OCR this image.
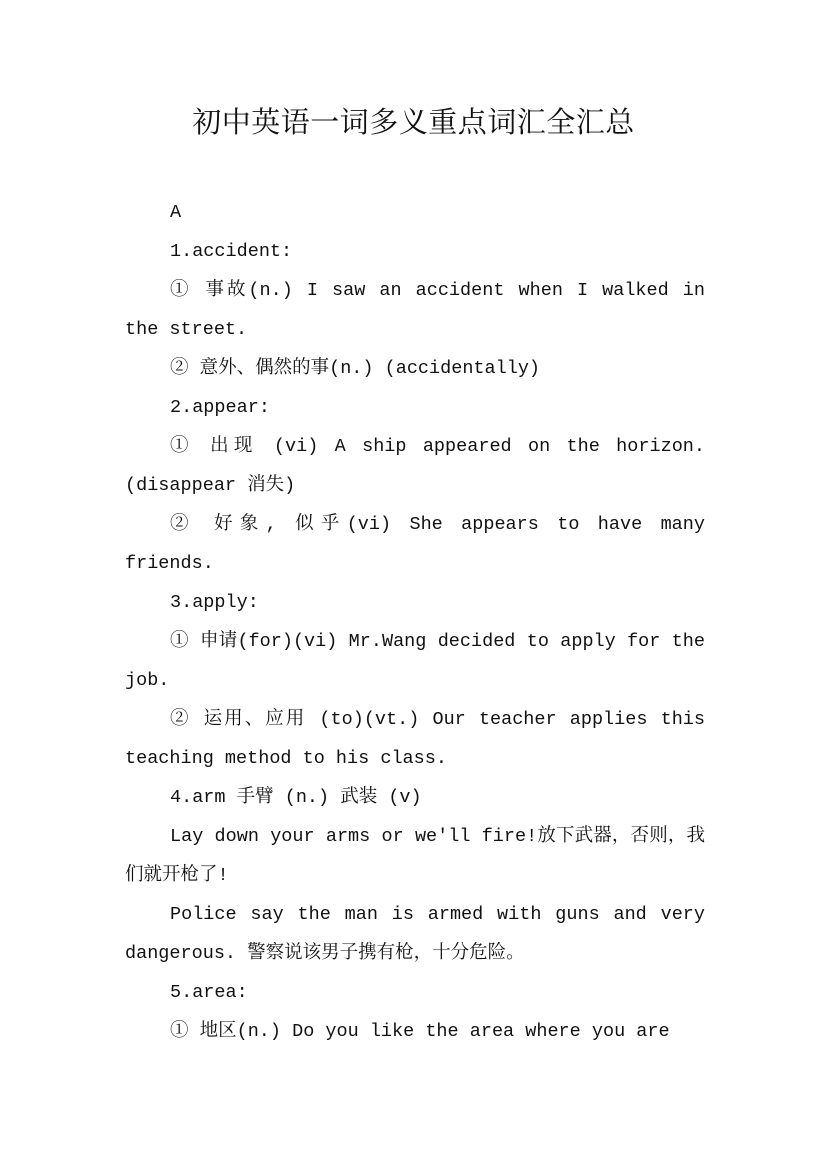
初中英语一词多义重点词汇全汇总

A

1.accident:

① 事故(n.) I saw an accident when I walked in the street.

② 意外、偶然的事(n.) (accidentally)

2.appear:

① 出现 (vi) A ship appeared on the horizon. (disappear 消失)

② 好象, 似乎(vi) She appears to have many friends.

3.apply:

① 申请(for)(vi) Mr.Wang decided to apply for the job.

② 运用、应用 (to)(vt.) Our teacher applies this teaching method to his class.

4.arm 手臂 (n.) 武装 (v)

Lay down your arms or we'll fire!放下武器，否则，我们就开枪了!

Police say the man is armed with guns and very dangerous. 警察说该男子携有枪，十分危险。

5.area:

① 地区(n.) Do you like the area where you are
